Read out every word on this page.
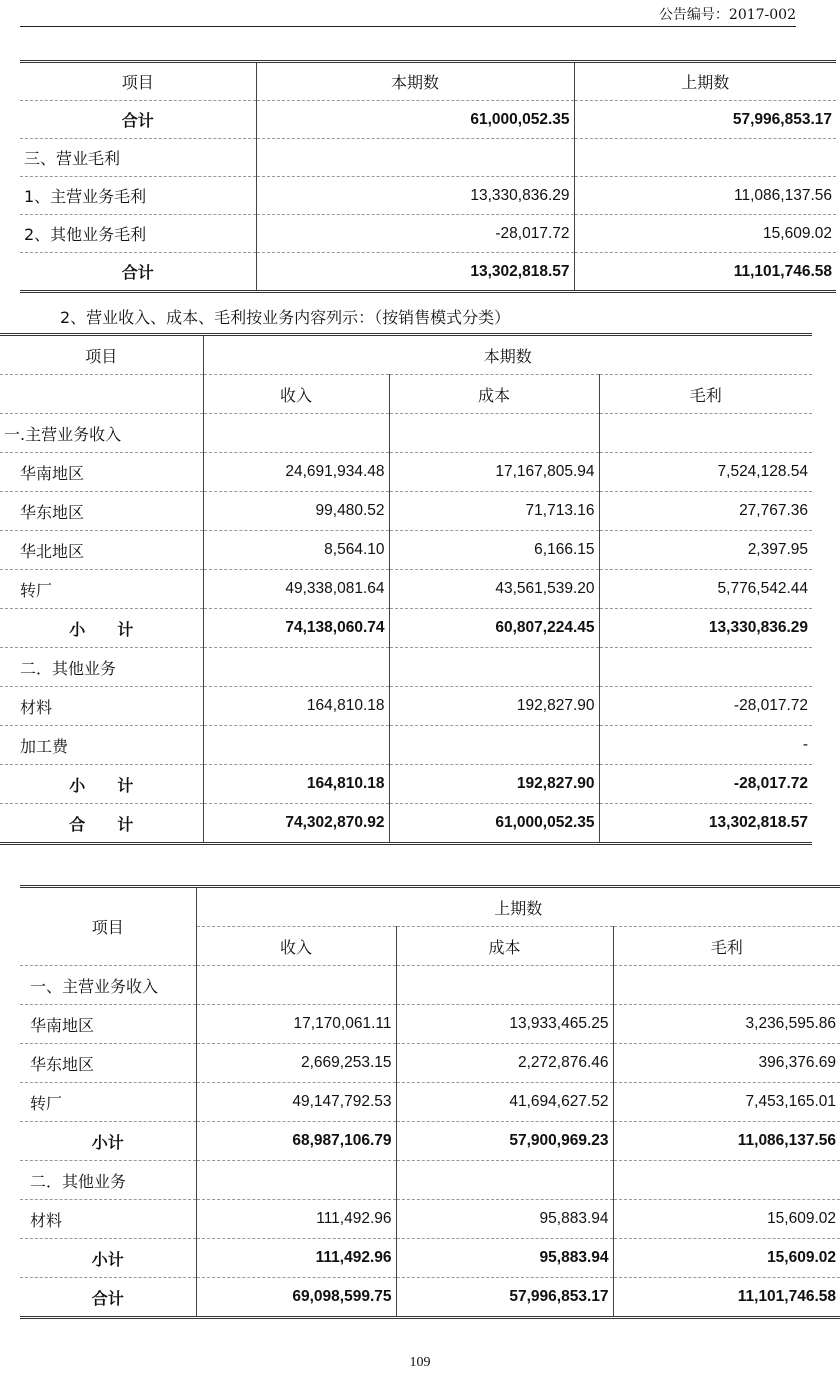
公告编号：2017-002
项目	本期数	上期数
合计	61,000,052.35	57,996,853.17
三、营业毛利		
1、主营业务毛利	13,330,836.29	11,086,137.56
2、其他业务毛利	-28,017.72	15,609.02
合计	13,302,818.57	11,101,746.58
2、营业收入、成本、毛利按业务内容列示：（按销售模式分类）
项目	本期数		
	收入	成本	毛利
一.主营业务收入			
华南地区	24,691,934.48	17,167,805.94	7,524,128.54
华东地区	99,480.52	71,713.16	27,767.36
华北地区	8,564.10	6,166.15	2,397.95
转厂	49,338,081.64	43,561,539.20	5,776,542.44
小　　计	74,138,060.74	60,807,224.45	13,330,836.29
二．其他业务			
材料	164,810.18	192,827.90	-28,017.72
加工费			-
小　　计	164,810.18	192,827.90	-28,017.72
合　　计	74,302,870.92	61,000,052.35	13,302,818.57
项目	上期数		
	收入	成本	毛利
一、主营业务收入			
华南地区	17,170,061.11	13,933,465.25	3,236,595.86
华东地区	2,669,253.15	2,272,876.46	396,376.69
转厂	49,147,792.53	41,694,627.52	7,453,165.01
小计	68,987,106.79	57,900,969.23	11,086,137.56
二．其他业务			
材料	111,492.96	95,883.94	15,609.02
小计	111,492.96	95,883.94	15,609.02
合计	69,098,599.75	57,996,853.17	11,101,746.58
109
